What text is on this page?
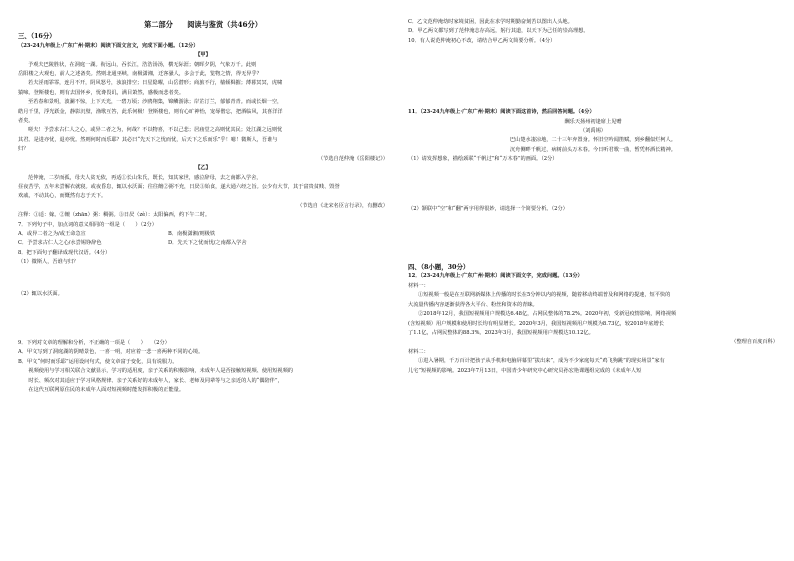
第二部分　　阅读与鉴赏（共46分）

三、（16分）

（23-24九年级上·广东广州·期末）阅读下面文言文，完成下面小题。（12分）

【甲】

予观夫巴陵胜状，在洞庭一湖。衔远山，吞长江，浩浩汤汤，横无际涯；朝晖夕阴，气象万千。此则

岳阳楼之大观也，前人之述备矣。然则北通巫峡，南极潇湘，迁客骚人，多会于此，览物之情，得无异乎？

若夫淫雨霏霏，连月不开，阴风怒号，浊浪排空；日星隐曜，山岳潜形；商旅不行，樯倾楫摧；薄暮冥冥，虎啸

猿啼。登斯楼也，则有去国怀乡，忧谗畏讥，满目萧然，感极而悲者矣。

至若春和景明，波澜不惊，上下天光，一碧万顷；沙鸥翔集，锦鳞游泳；岸芷汀兰，郁郁青青。而或长烟一空，

皓月千里，浮光跃金，静影沉璧，渔歌互答，此乐何极！登斯楼也，则有心旷神怡，宠辱偕忘，把酒临风，其喜洋洋

者矣。

嗟夫！予尝求古仁人之心，或异二者之为，何哉？不以物喜，不以己悲；居庙堂之高则忧其民；处江湖之远则忧

其君。是进亦忧，退亦忧。然则何时而乐耶？其必曰“先天下之忧而忧，后天下之乐而乐”乎！噫！微斯人，吾谁与

归？

（节选自范仲淹《岳阳楼记》）

【乙】

范仲淹，二岁而孤，母夫人贫无依，再适①长山朱氏，既长，知其家世，感泣辞母，去之南都入学舍，

昼夜苦学，五年未尝解衣就寝。或夜昏怠，辄以水沃面；往往饘②粥不充，日昃③始食，遂大通六经之旨。公少有大节，其于富贵贫贱、毁誉

欢戚，不动其心，而慨然有志于天下。

（节选自《北宋名臣言行录》，有删改）

注释：①适：嫁。②饘（zhān）粥：稠粥。③日昃（zè）：太阳偏西，约下午二时。

7．下列句子中，加点词的意义相同的一组是（　　）（2分）

A．或异二者之为/或王命急宣	B．南极潇湘/则极铁

C．予尝求古仁人之心/水尝锡铮辞色	D．先天下之忧而忧/之南都入学舍

8．把下面句子翻译成现代汉语。（4分）

（1）微斯人，吾谁与归？

（2）辄以水沃面。

9．下列对文章的理解和分析，不正确的一项是（　　）　　（2分）

A．甲文写到了洞庭湖的阴晴景色，一喜一明，对应着一悲一喜两种不同的心境。

B．甲文“何时而乐耶”运用设问句式，使文章富于变化，具有说服力。

　　视频使用与学习相关联合文献显示，学习的适用度，亲子关系的积极影响，未成年人是否接触短视频、使用短视频的

　　时长、频次对其适应于学习风格规律、亲子关系好的未成年人，家长、老师及同辈等与之亲近的人的“偶陪伴”，

　　在这代互联网原住民的未成年人面对短视频时能发挥积极的正能量。

C．乙文范仲淹幼时家境贫困，因此在求学时期勤奋刻苦以图出人头地。

D．甲乙两文都写到了范仲淹志存高远，躬行其道，以天下为己任的崇高理想。

10．有人说范仲淹初心不改，请结合甲乙两文简要分析。（4分）

11．（23-24九年级上·广东广州·期末）阅读下面这首诗，然后回答问题。（4分）

酬乐天扬州初逢席上见赠

（刘禹锡）

巴山楚水凄凉地，二十三年弃置身。怀旧空吟闻笛赋，到乡翻似烂柯人。

沉舟侧畔千帆过，病树前头万木春。今日听君歌一曲，暂凭杯酒长精神。

（1）请发挥想象，描绘颈联“千帆过”和“万木春”的画面。（2分）

（2）颔联中“空”和“翻”两字用得很妙，请选择一个简要分析。（2分）

四、（8小题，30分）

12．（23-24九年级上·广东广州·期末）阅读下面文字，完成问题。（13分）

材料一：

①短视频一般是在互联网新媒体上传播的时长在5分钟以内的视频，随着移动终端普及和网络的提速，短平快的

大流量传播内容逐渐获得各大平台、粉丝和资本的青睐。

②2018年12月，我国短视频用户规模达6.48亿，占网民整体的78.2%。2020年初，受新冠疫情影响，网络视频

(含短视频）用户规模和使用时长均有明显增长。2020年3月，我国短视频用户规模为8.73亿，较2018年底增长

了1.1亿，占网民整体的88.3%。2023年3月，我国短视频用户规模达10.12亿。

（整理自百度百科）

材料二：

①进入暑期，千万百计把孩子从手机和电脑屏幕里“拔出来”，成为不少家庭每天“鸡飞狗跳”的现实场景“家有

儿宅”短视频的影响。2023年7月13日，中国青少年研究中心研究员孙宏艳课题组完成的《未成年人短
